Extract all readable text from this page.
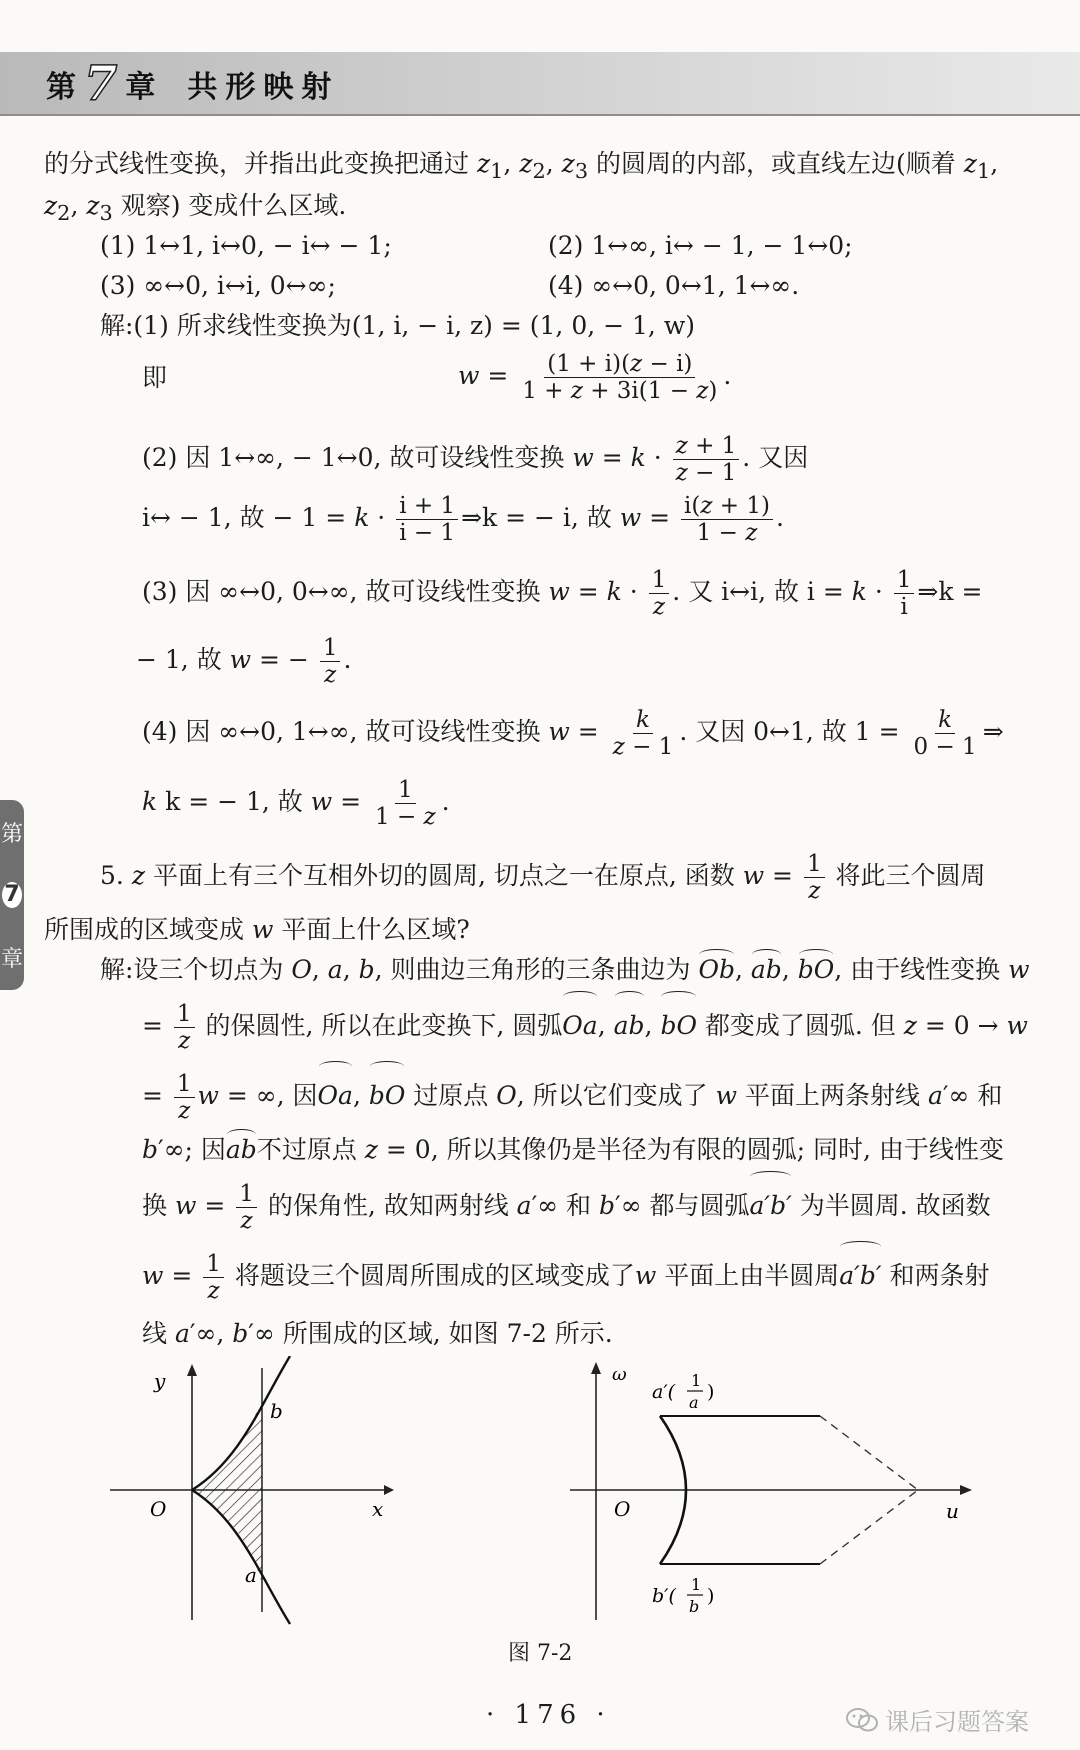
第 7 章 共形映射
第
7
章
的分式线性变换，并指出此变换把通过 $z_1$, $z_2$, $z_3$ 的圆周的内部，或直线左边(顺着 $z_1$,
$z_2$, $z_3$ 观察) 变成什么区域.
(1) 1↔1, i↔0, − i↔ − 1;	(2) 1↔∞, i↔ − 1, − 1↔0;
(3) ∞↔0, i↔i, 0↔∞;	(4) ∞↔0, 0↔1, 1↔∞.
解:(1) 所求线性变换为(1, i, − i, z) = (1, 0, − 1, w)
即	$w = \frac{(1 + i)(z - i)}{1 + z + 3i(1 - z)}$ .
(2) 因 1↔∞, − 1↔0, 故可设线性变换 $w = k \cdot \frac{z + 1}{z - 1}$ . 又因
i↔ − 1, 故 − $1 = k \cdot \frac{i + 1}{i - 1}$ ⇒k = − i, 故 $w = \frac{i(z + 1)}{1 - z}$ .
(3) 因 ∞↔0, 0↔∞, 故可设线性变换 $w = k \cdot \frac{1}{z}$ . 又 i↔i, 故 $i = k \cdot \frac{1}{i}$ ⇒k =
− 1, 故 w = − $\frac{1}{z}$ .
(4) 因 ∞↔0, 1↔∞, 故可设线性变换 $w = \frac{k}{z - 1}$ . 又因 0↔1, 故 $1 = \frac{k}{0 - 1}$ ⇒
k k = − 1, 故 $w = \frac{1}{1 - z}$ .
5. z 平面上有三个互相外切的圆周, 切点之一在原点, 函数 $w = \frac{1}{z}$ 将此三个圆周
所围成的区域变成 w 平面上什么区域?
解:设三个切点为 O, a, b, 则曲边三角形的三条曲边为 Ob, ab, bO, 由于线性变换 w
= $\frac{1}{z}$ 的保圆性, 所以在此变换下, 圆弧Oa, ab, bO 都变成了圆弧. 但 z = 0 → w
= $\frac{1}{z}$ w = ∞, 因Oa, bO 过原点 O, 所以它们变成了 w 平面上两条射线 a′∞ 和
b′∞; 因ab不过原点 z = 0, 所以其像仍是半径为有限的圆弧; 同时, 由于线性变
换 $w = \frac{1}{z}$ 的保角性, 故知两射线 a′∞ 和 b′∞ 都与圆弧a′b′ 为半圆周. 故函数
$w = \frac{1}{z}$ 将题设三个圆周所围成的区域变成了w 平面上由半圆周a′b′ 和两条射
线 a′∞, b′∞ 所围成的区域, 如图 7-2 所示.
y
x
O
b
a
ω
u
O
a′(
1
a )
b′(
1
b )
图 7-2
· 176 ·	课后习题答案
